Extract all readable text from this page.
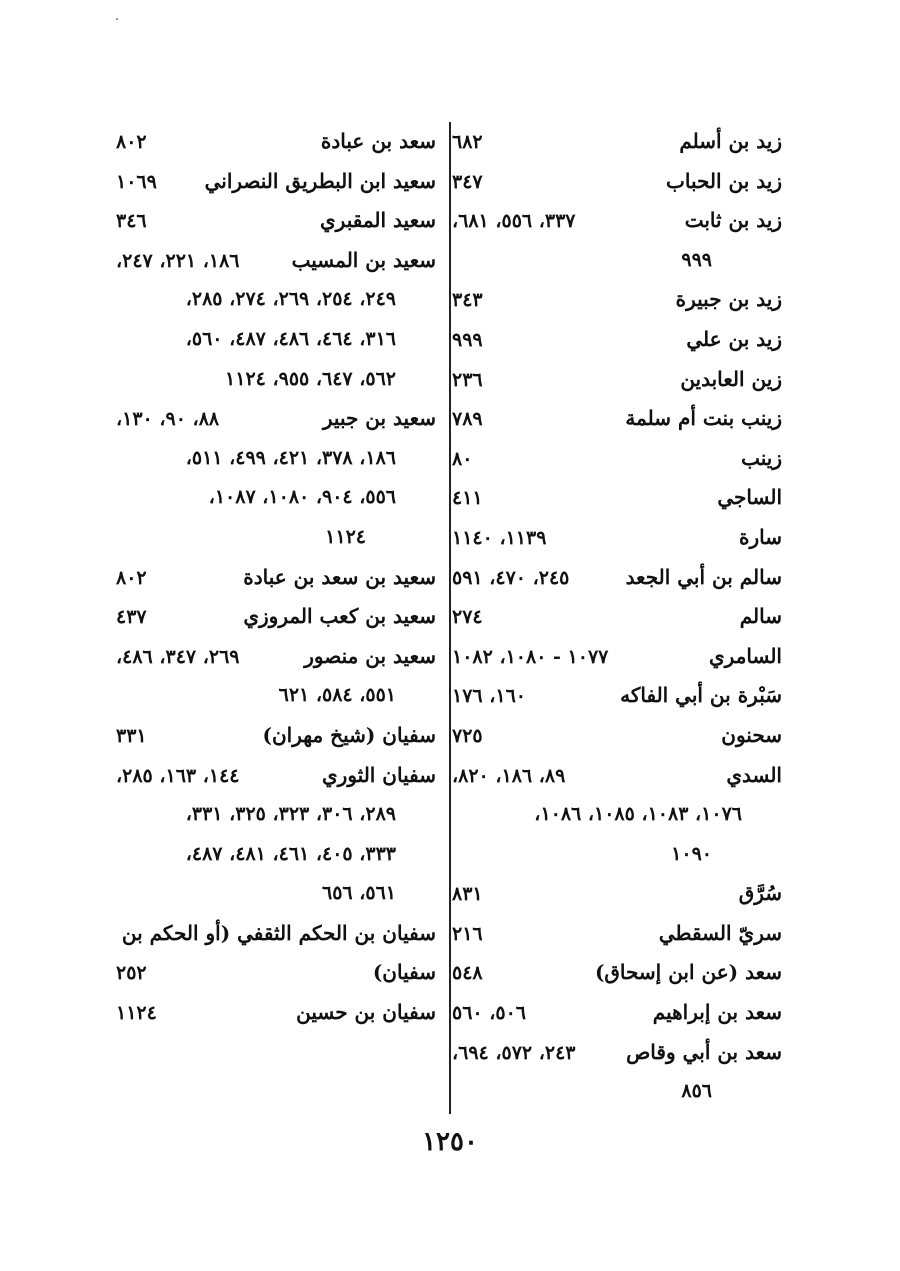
زيد بن أسلم
٦٨٢
زيد بن الحباب
٣٤٧
زيد بن ثابت
٣٣٧، ٥٥٦، ٦٨١،
٩٩٩
زيد بن جبيرة
٣٤٣
زيد بن علي
٩٩٩
زين العابدين
٢٣٦
زينب بنت أم سلمة
٧٨٩
زينب
٨٠
الساجي
٤١١
سارة
١١٣٩، ١١٤٠
سالم بن أبي الجعد
٢٤٥، ٤٧٠، ٥٩١
سالم
٢٧٤
السامري
١٠٧٧ - ١٠٨٠، ١٠٨٢
سَبْرة بن أبي الفاكه
١٦٠، ١٧٦
سحنون
٧٢٥
السدي
٨٩، ١٨٦، ٨٢٠،
١٠٧٦، ١٠٨٣، ١٠٨٥، ١٠٨٦،
١٠٩٠
سُرَّق
٨٣١
سريّ السقطي
٢١٦
سعد (عن ابن إسحاق)
٥٤٨
سعد بن إبراهيم
٥٠٦، ٥٦٠
سعد بن أبي وقاص
٢٤٣، ٥٧٢، ٦٩٤،
٨٥٦
سعد بن عبادة
٨٠٢
سعيد ابن البطريق النصراني
١٠٦٩
سعيد المقبري
٣٤٦
سعيد بن المسيب
١٨٦، ٢٢١، ٢٤٧،
٢٤٩، ٢٥٤، ٢٦٩، ٢٧٤، ٢٨٥،
٣١٦، ٤٦٤، ٤٨٦، ٤٨٧، ٥٦٠،
٥٦٢، ٦٤٧، ٩٥٥، ١١٢٤
سعيد بن جبير
٨٨، ٩٠، ١٣٠،
١٨٦، ٣٧٨، ٤٢١، ٤٩٩، ٥١١،
٥٥٦، ٩٠٤، ١٠٨٠، ١٠٨٧،
١١٢٤
سعيد بن سعد بن عبادة
٨٠٢
سعيد بن كعب المروزي
٤٣٧
سعيد بن منصور
٢٦٩، ٣٤٧، ٤٨٦،
٥٥١، ٥٨٤، ٦٢١
سفيان (شيخ مهران)
٣٣١
سفيان الثوري
١٤٤، ١٦٣، ٢٨٥،
٢٨٩، ٣٠٦، ٣٢٣، ٣٢٥، ٣٣١،
٣٣٣، ٤٠٥، ٤٦١، ٤٨١، ٤٨٧،
٥٦١، ٦٥٦
سفيان بن الحكم الثقفي (أو الحكم بن
سفيان)
٢٥٢
سفيان بن حسين
١١٢٤
١٢٥٠
